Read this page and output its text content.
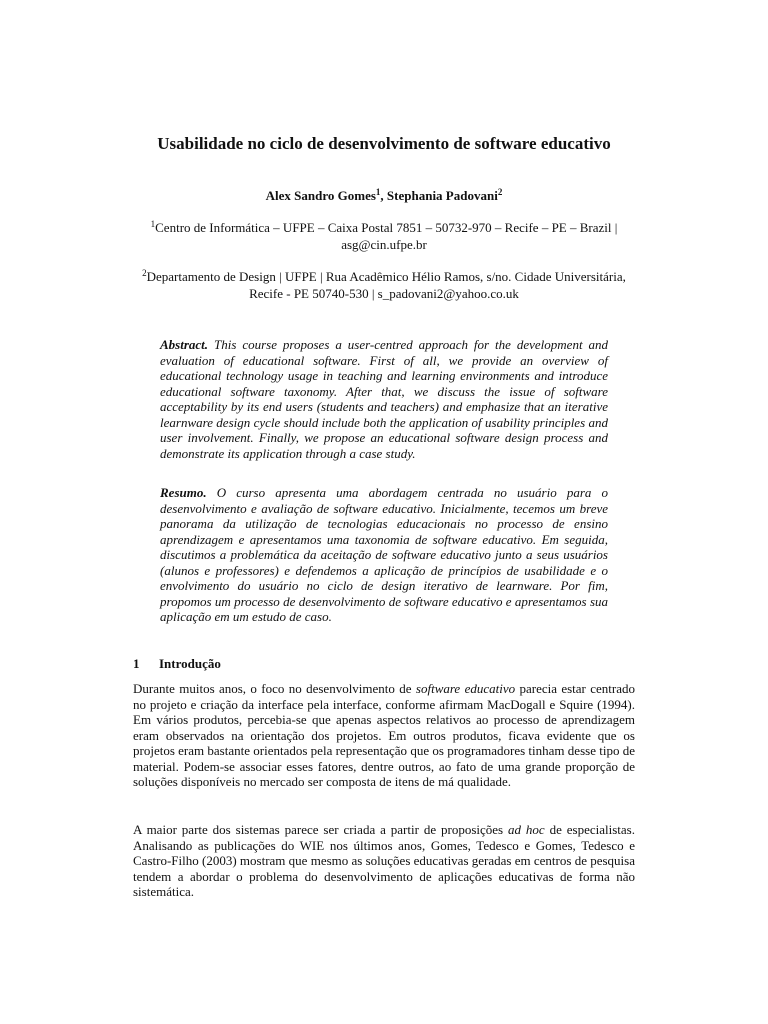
Usabilidade no ciclo de desenvolvimento de software educativo
Alex Sandro Gomes$^1$, Stephania Padovani$^2$
$^1$Centro de Informática – UFPE – Caixa Postal 7851 – 50732-970 – Recife – PE – Brazil | asg@cin.ufpe.br
$^2$Departamento de Design | UFPE | Rua Acadêmico Hélio Ramos, s/no. Cidade Universitária, Recife - PE 50740-530 | s_padovani2@yahoo.co.uk

Abstract. This course proposes a user-centred approach for the development and evaluation of educational software. First of all, we provide an overview of educational technology usage in teaching and learning environments and introduce educational software taxonomy. After that, we discuss the issue of software acceptability by its end users (students and teachers) and emphasize that an iterative learnware design cycle should include both the application of usability principles and user involvement. Finally, we propose an educational software design process and demonstrate its application through a case study.

Resumo. O curso apresenta uma abordagem centrada no usuário para o desenvolvimento e avaliação de software educativo. Inicialmente, tecemos um breve panorama da utilização de tecnologias educacionais no processo de ensino aprendizagem e apresentamos uma taxonomia de software educativo. Em seguida, discutimos a problemática da aceitação de software educativo junto a seus usuários (alunos e professores) e defendemos a aplicação de princípios de usabilidade e o envolvimento do usuário no ciclo de design iterativo de learnware. Por fim, propomos um processo de desenvolvimento de software educativo e apresentamos sua aplicação em um estudo de caso.

1 Introdução

Durante muitos anos, o foco no desenvolvimento de software educativo parecia estar centrado no projeto e criação da interface pela interface, conforme afirmam MacDogall e Squire (1994). Em vários produtos, percebia-se que apenas aspectos relativos ao processo de aprendizagem eram observados na orientação dos projetos. Em outros produtos, ficava evidente que os projetos eram bastante orientados pela representação que os programadores tinham desse tipo de material. Podem-se associar esses fatores, dentre outros, ao fato de uma grande proporção de soluções disponíveis no mercado ser composta de itens de má qualidade.

A maior parte dos sistemas parece ser criada a partir de proposições ad hoc de especialistas. Analisando as publicações do WIE nos últimos anos, Gomes, Tedesco e Gomes, Tedesco e Castro-Filho (2003) mostram que mesmo as soluções educativas geradas em centros de pesquisa tendem a abordar o problema do desenvolvimento de aplicações educativas de forma não sistemática.
